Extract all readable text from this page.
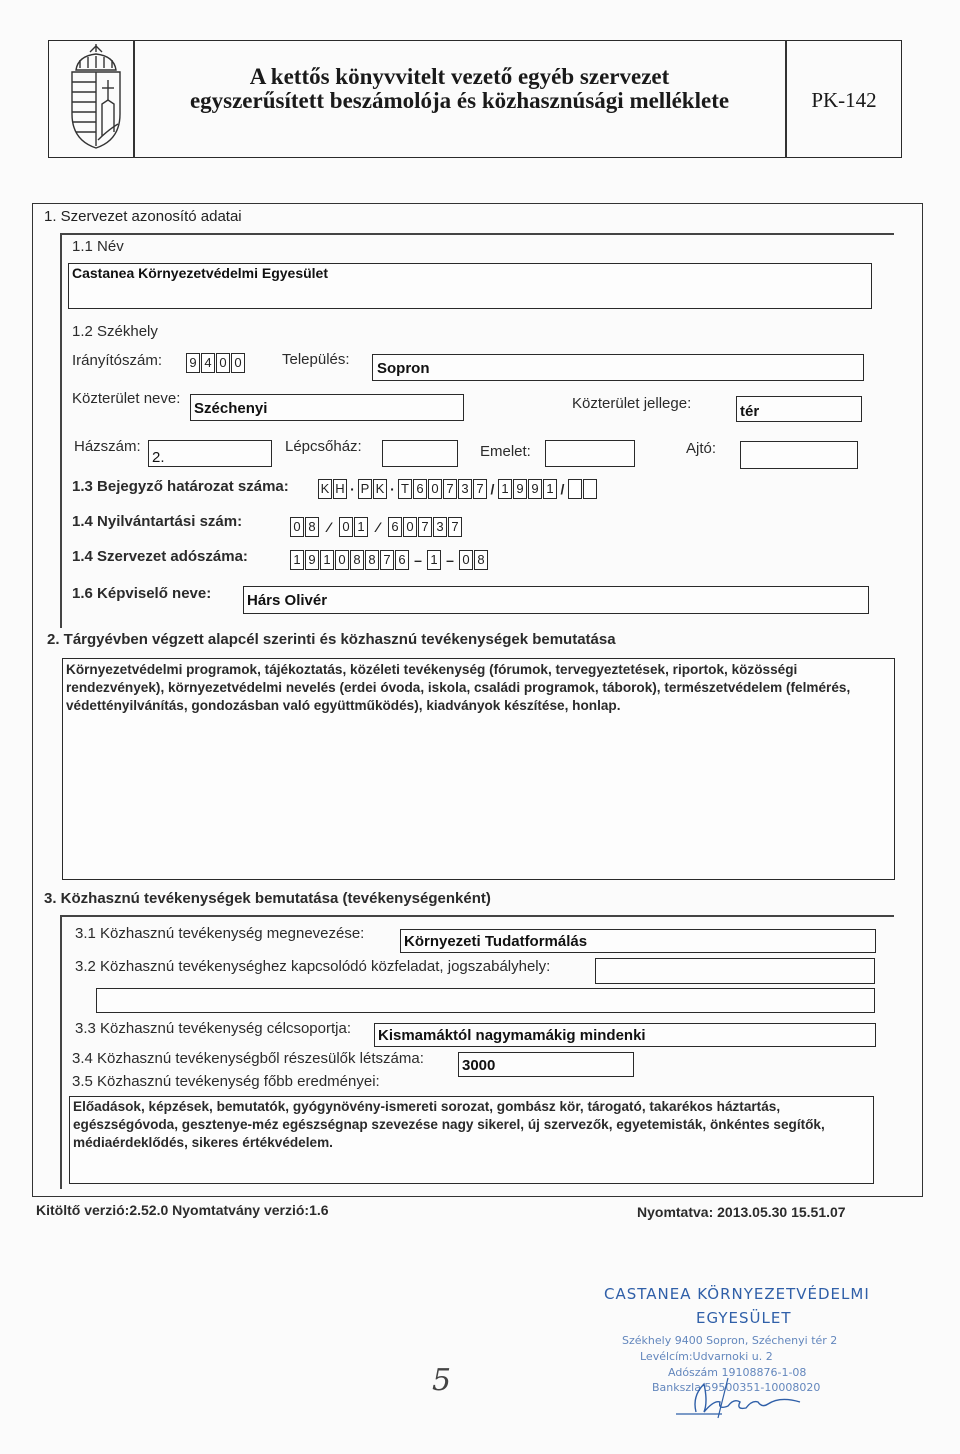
A kettős könyvvitelt vezető egyéb szervezet
egyszerűsített beszámolója és közhasznúsági melléklete	PK-142
1. Szervezet azonosító adatai
1.1 Név
Castanea Környezetvédelmi Egyesület
1.2 Székhely
Irányítószám: 9 4 0 0	Település:
Sopron
Közterület neve:
Széchenyi	Közterület jellege:	tér
Házszám:
2.
Lépcsőház:	Emelet:	Ajtó:
1.3 Bejegyző határozat száma: K H · P K · T 6 0 7 3 7 / 1 9 9 1 /
1.4 Nyilvántartási szám:	0 8 ⁄ 0 1 ⁄ 6 0 7 3 7
1.4 Szervezet adószáma:	1 9 1 0 8 8 7 6 – 1 – 0 8
1.6 Képviselő neve: Hárs Olivér
2. Tárgyévben végzett alapcél szerinti és közhasznú tevékenységek bemutatása
Környezetvédelmi programok, tájékoztatás, közéleti tevékenység (fórumok, tervegyeztetések, riportok, közösségi rendezvények), környezetvédelmi nevelés (erdei óvoda, iskola, családi programok, táborok), természetvédelem (felmérés, védettényilvánítás, gondozásban való együttműködés), kiadványok készítése, honlap.
3. Közhasznú tevékenységek bemutatása (tevékenységenként)
3.1 Közhasznú tevékenység megnevezése:	Környezeti Tudatformálás
3.2 Közhasznú tevékenységhez kapcsolódó közfeladat, jogszabályhely:
3.3 Közhasznú tevékenység célcsoportja: Kismamáktól nagymamákig mindenki
3.4 Közhasznú tevékenységből részesülők létszáma:	3000
3.5 Közhasznú tevékenység főbb eredményei:
Előadások, képzések, bemutatók, gyógynövény-ismereti sorozat, gombász kör, tárogató, takarékos háztartás, egészségóvoda, gesztenye-méz egészségnap szevezése nagy sikerel, új szervezők, egyetemisták, önkéntes segítők, médiaérdeklődés, sikeres értékvédelem.
Kitöltő verzió:2.52.0 Nyomtatvány verzió:1.6	Nyomtatva: 2013.05.30 15.51.07
CASTANEA KÖRNYEZETVÉDELMI
EGYESÜLET
Székhely 9400 Sopron, Széchenyi tér 2
Levélcím:Udvarnoki u. 2
Adószám 19108876-1-08
Bankszla 59500351-10008020
5
